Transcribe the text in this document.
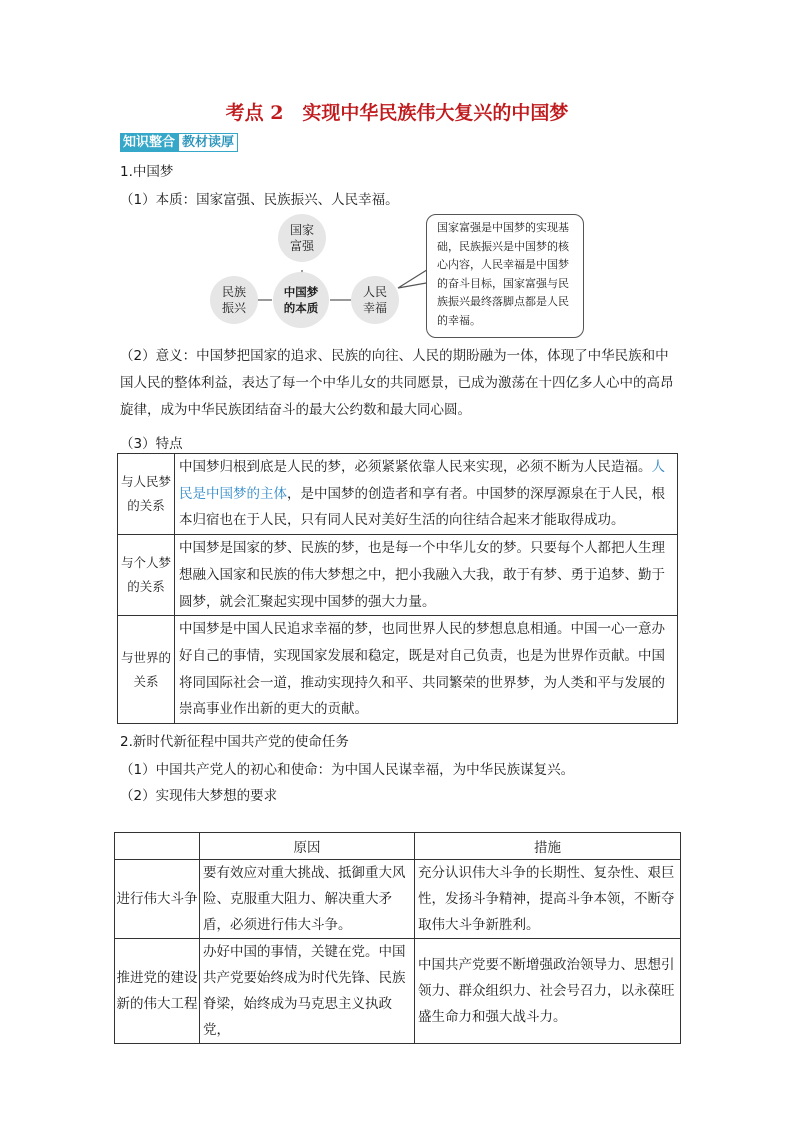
考点 2　实现中华民族伟大复兴的中国梦
知识整合 教材读厚
1.中国梦
（1）本质：国家富强、民族振兴、人民幸福。
国家富强
民族振兴
中国梦的本质
人民幸福
国家富强是中国梦的实现基础，民族振兴是中国梦的核心内容，人民幸福是中国梦的奋斗目标，国家富强与民族振兴最终落脚点都是人民的幸福。
（2）意义：中国梦把国家的追求、民族的向往、人民的期盼融为一体，体现了中华民族和中国人民的整体利益，表达了每一个中华儿女的共同愿景，已成为激荡在十四亿多人心中的高昂旋律，成为中华民族团结奋斗的最大公约数和最大同心圆。
（3）特点
与人民梦的关系	中国梦归根到底是人民的梦，必须紧紧依靠人民来实现，必须不断为人民造福。人民是中国梦的主体，是中国梦的创造者和享有者。中国梦的深厚源泉在于人民，根本归宿也在于人民，只有同人民对美好生活的向往结合起来才能取得成功。
与个人梦的关系	中国梦是国家的梦、民族的梦，也是每一个中华儿女的梦。只要每个人都把人生理想融入国家和民族的伟大梦想之中，把小我融入大我，敢于有梦、勇于追梦、勤于圆梦，就会汇聚起实现中国梦的强大力量。
与世界的关系	中国梦是中国人民追求幸福的梦，也同世界人民的梦想息息相通。中国一心一意办好自己的事情，实现国家发展和稳定，既是对自己负责，也是为世界作贡献。中国将同国际社会一道，推动实现持久和平、共同繁荣的世界梦，为人类和平与发展的崇高事业作出新的更大的贡献。
2.新时代新征程中国共产党的使命任务
（1）中国共产党人的初心和使命：为中国人民谋幸福，为中华民族谋复兴。
（2）实现伟大梦想的要求
	原因	措施
进行伟大斗争	要有效应对重大挑战、抵御重大风险、克服重大阻力、解决重大矛盾，必须进行伟大斗争。	充分认识伟大斗争的长期性、复杂性、艰巨性，发扬斗争精神，提高斗争本领，不断夺取伟大斗争新胜利。
推进党的建设新的伟大工程	办好中国的事情，关键在党。中国共产党要始终成为时代先锋、民族脊梁，始终成为马克思主义执政党，	中国共产党要不断增强政治领导力、思想引领力、群众组织力、社会号召力，以永葆旺盛生命力和强大战斗力。
